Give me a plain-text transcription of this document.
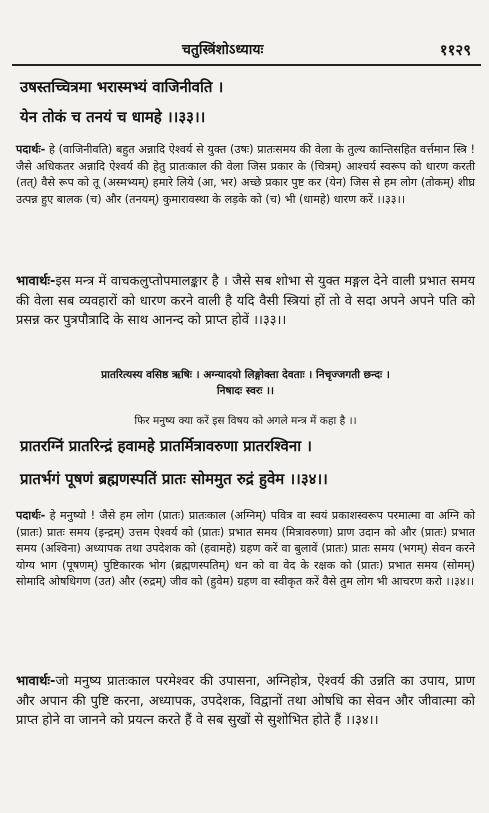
चतुस्त्रिंशोऽध्यायः	११२९
उषस्तच्चित्रमा भरास्मभ्यं वाजिनीवति ।
येन तोकं च तनयं च धामहे ।।३३।।
पदार्थः- हे (वाजिनीवति) बहुत अन्नादि ऐश्वर्य से युक्त (उषः) प्रातःसमय की वेला के तुल्य कान्तिसहित वर्त्तमान स्त्रि ! जैसे अधिकतर अन्नादि ऐश्वर्य की हेतु प्रातःकाल की वेला जिस प्रकार के (चित्रम्) आश्चर्य स्वरूप को धारण करती (तत्) वैसे रूप को तू (अस्मभ्यम्) हमारे लिये (आ, भर) अच्छे प्रकार पुष्ट कर (येन) जिस से हम लोग (तोकम्) शीघ्र उत्पन्न हुए बालक (च) और (तनयम्) कुमारावस्था के लड़के को (च) भी (धामहे) धारण करें ।।३३।।
भावार्थः-इस मन्त्र में वाचकलुप्तोपमालङ्कार है । जैसे सब शोभा से युक्त मङ्गल देने वाली प्रभात समय की वेला सब व्यवहारों को धारण करने वाली है यदि वैसी स्त्रियां हों तो वे सदा अपने अपने पति को प्रसन्न कर पुत्रपौत्रादि के साथ आनन्द को प्राप्त होवें ।।३३।।
प्रातरित्यस्य वसिष्ठ ऋषिः । अग्न्यादयो लिङ्गोक्ता देवताः । निचृज्जगती छन्दः ।
निषादः स्वरः ।।
फिर मनुष्य क्या करें इस विषय को अगले मन्त्र में कहा है ।।
प्रातरग्निं प्रातरिन्द्रं हवामहे प्रातर्मित्रावरुणा प्रातरश्विना ।
प्रातर्भगं पूषणं ब्रह्मणस्पतिं प्रातः सोममुत रुद्रं हुवेम ।।३४।।
पदार्थः- हे मनुष्यो ! जैसे हम लोग (प्रातः) प्रातःकाल (अग्निम्) पवित्र वा स्वयं प्रकाशस्वरूप परमात्मा वा अग्नि को (प्रातः) प्रातः समय (इन्द्रम्) उत्तम ऐश्वर्य को (प्रातः) प्रभात समय (मित्रावरुणा) प्राण उदान को और (प्रातः) प्रभात समय (अश्विना) अध्यापक तथा उपदेशक को (हवामहे) ग्रहण करें वा बुलावें (प्रातः) प्रातः समय (भगम्) सेवन करने योग्य भाग (पूषणम्) पुष्टिकारक भोग (ब्रह्मणस्पतिम्) धन को वा वेद के रक्षक को (प्रातः) प्रभात समय (सोमम्) सोमादि ओषधिगण (उत) और (रुद्रम्) जीव को (हुवेम) ग्रहण वा स्वीकृत करें वैसे तुम लोग भी आचरण करो ।।३४।।
भावार्थः-जो मनुष्य प्रातःकाल परमेश्वर की उपासना, अग्निहोत्र, ऐश्वर्य की उन्नति का उपाय, प्राण और अपान की पुष्टि करना, अध्यापक, उपदेशक, विद्वानों तथा ओषधि का सेवन और जीवात्मा को प्राप्त होने वा जानने को प्रयत्न करते हैं वे सब सुखों से सुशोभित होते हैं ।।३४।।
